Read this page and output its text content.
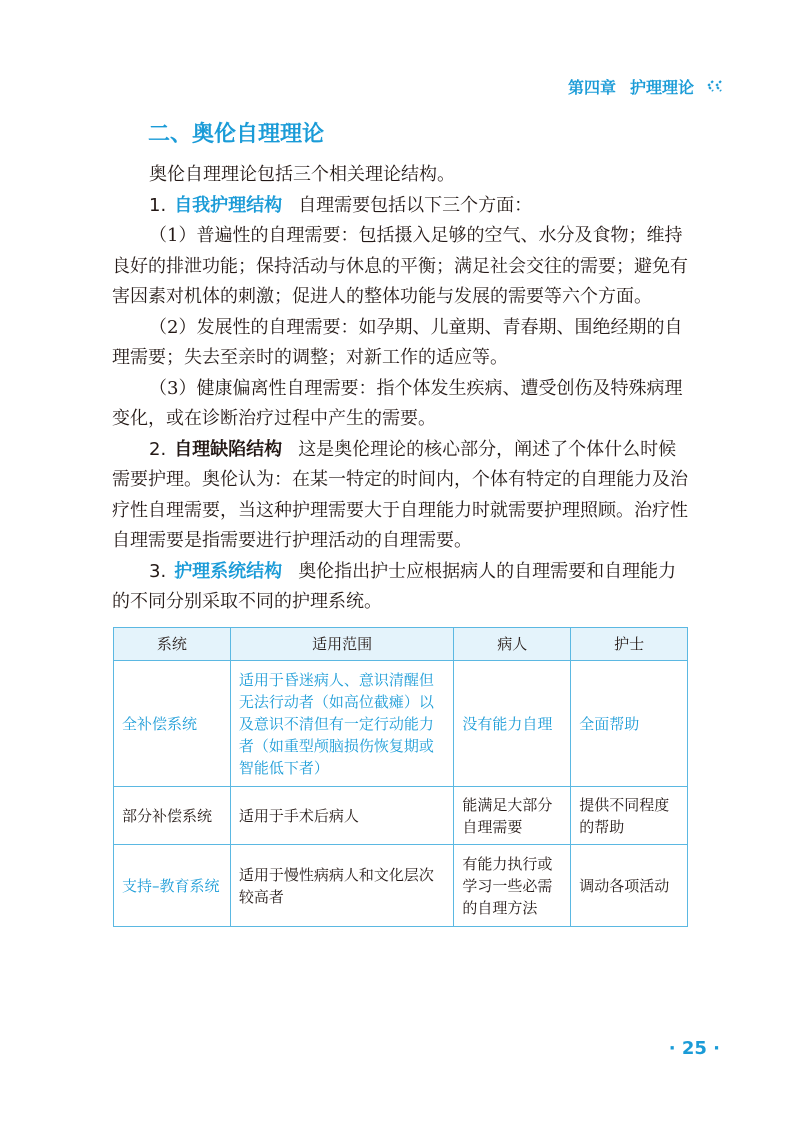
第四章 护理理论
二、奥伦自理理论

奥伦自理理论包括三个相关理论结构。

1. 自我护理结构 自理需要包括以下三个方面：

（1）普遍性的自理需要：包括摄入足够的空气、水分及食物；维持良好的排泄功能；保持活动与休息的平衡；满足社会交往的需要；避免有害因素对机体的刺激；促进人的整体功能与发展的需要等六个方面。

（2）发展性的自理需要：如孕期、儿童期、青春期、围绝经期的自理需要；失去至亲时的调整；对新工作的适应等。

（3）健康偏离性自理需要：指个体发生疾病、遭受创伤及特殊病理变化，或在诊断治疗过程中产生的需要。

2. 自理缺陷结构 这是奥伦理论的核心部分，阐述了个体什么时候需要护理。奥伦认为：在某一特定的时间内，个体有特定的自理能力及治疗性自理需要，当这种护理需要大于自理能力时就需要护理照顾。治疗性自理需要是指需要进行护理活动的自理需要。

3. 护理系统结构 奥伦指出护士应根据病人的自理需要和自理能力的不同分别采取不同的护理系统。

系统	适用范围	病人	护士
全补偿系统	适用于昏迷病人、意识清醒但无法行动者（如高位截瘫）以及意识不清但有一定行动能力者（如重型颅脑损伤恢复期或智能低下者）	没有能力自理	全面帮助
部分补偿系统	适用于手术后病人	能满足大部分自理需要	提供不同程度的帮助
支持–教育系统	适用于慢性病病人和文化层次较高者	有能力执行或学习一些必需的自理方法	调动各项活动
· 25 ·
